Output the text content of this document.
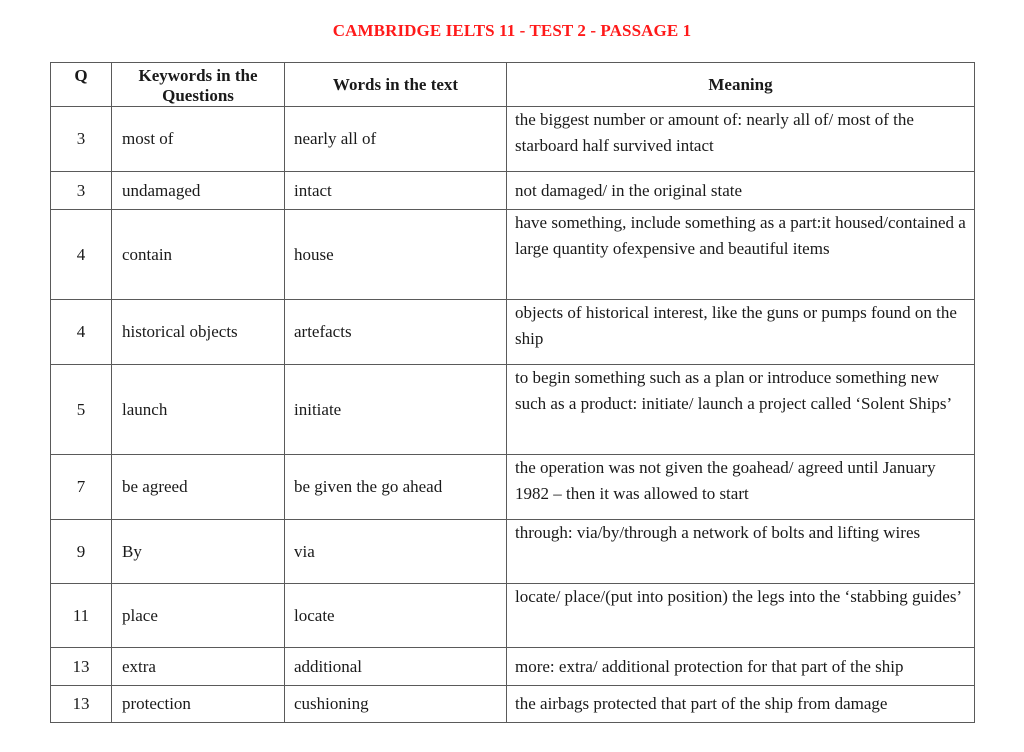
CAMBRIDGE IELTS 11 - TEST 2 - PASSAGE 1
Q	Keywords in the Questions	Words in the text	Meaning
3	most of	nearly all of	the biggest number or amount of: nearly all of/ most of the starboard half survived intact
3	undamaged	intact	not damaged/ in the original state
4	contain	house	have something, include something as a part:it housed/contained a large quantity ofexpensive and beautiful items
4	historical objects	artefacts	objects of historical interest, like the guns or pumps found on the ship
5	launch	initiate	to begin something such as a plan or introduce something new such as a product: initiate/ launch a project called ‘Solent Ships’
7	be agreed	be given the go ahead	the operation was not given the goahead/ agreed until January 1982 – then it was allowed to start
9	By	via	through: via/by/through a network of bolts and lifting wires
11	place	locate	locate/ place/(put into position) the legs into the ‘stabbing guides’
13	extra	additional	more: extra/ additional protection for that part of the ship
13	protection	cushioning	the airbags protected that part of the ship from damage
